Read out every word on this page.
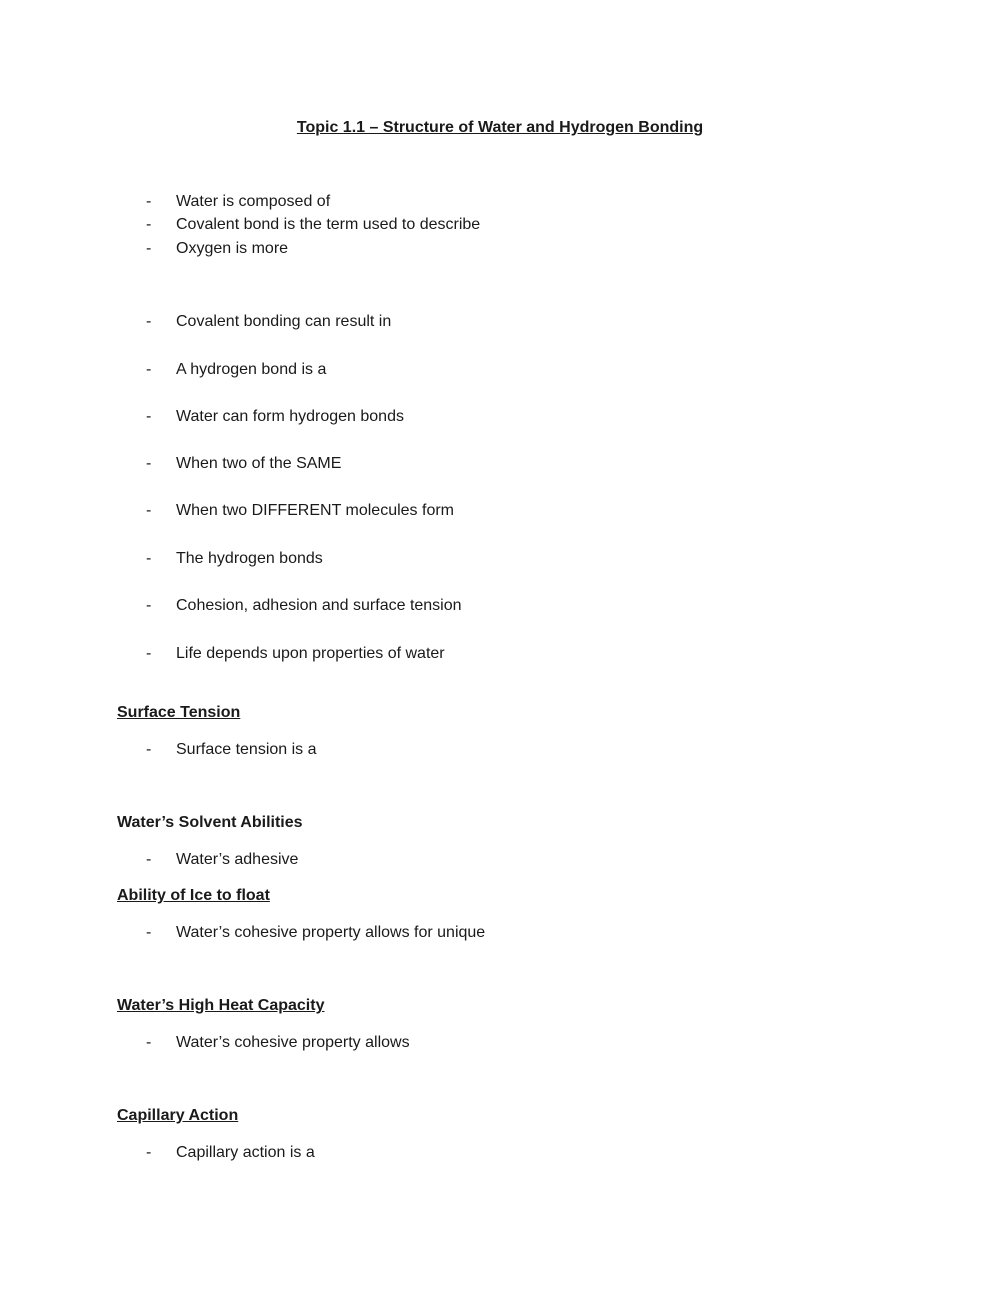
Topic 1.1 – Structure of Water and Hydrogen Bonding
- Water is composed of
- Covalent bond is the term used to describe
- Oxygen is more
- Covalent bonding can result in
- A hydrogen bond is a
- Water can form hydrogen bonds
- When two of the SAME
- When two DIFFERENT molecules form
- The hydrogen bonds
- Cohesion, adhesion and surface tension
- Life depends upon properties of water
Surface Tension
- Surface tension is a
Water’s Solvent Abilities
- Water’s adhesive
Ability of Ice to float
- Water’s cohesive property allows for unique
Water’s High Heat Capacity
- Water’s cohesive property allows
Capillary Action
- Capillary action is a
